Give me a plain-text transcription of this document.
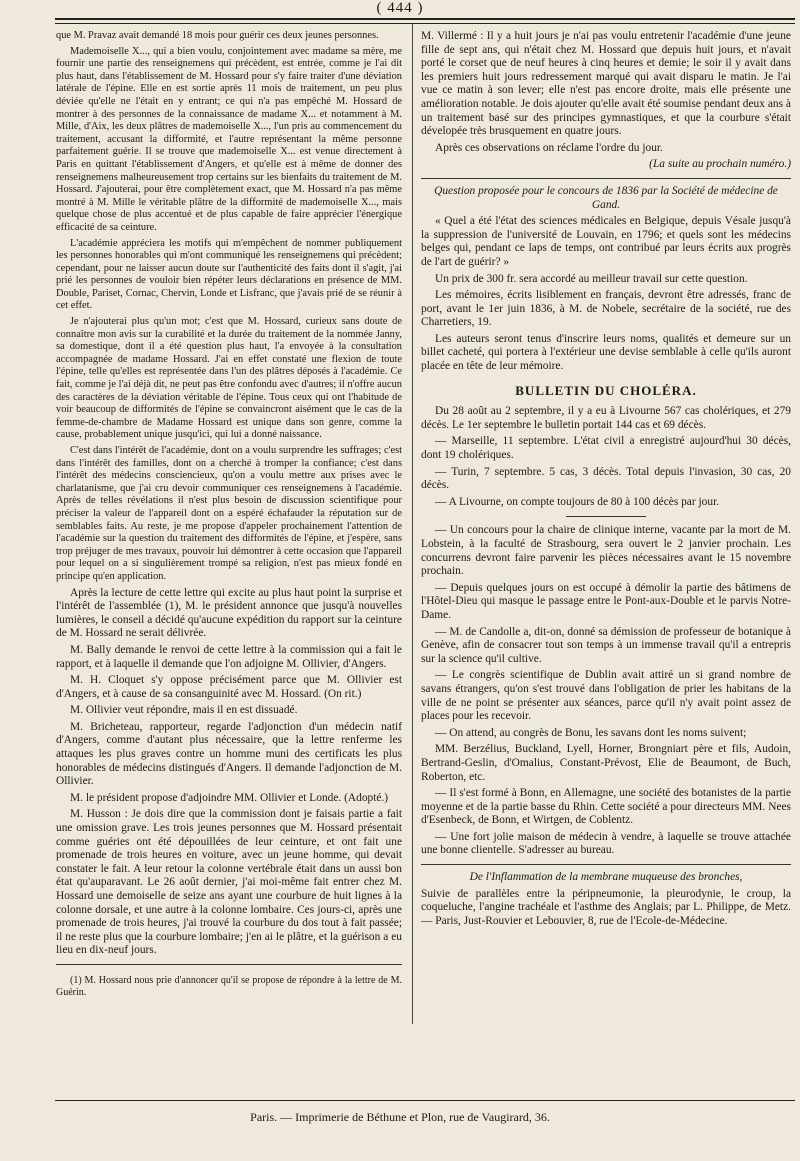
( 444 )

que M. Pravaz avait demandé 18 mois pour guérir ces deux jeunes personnes.

Mademoiselle X..., qui a bien voulu, conjointement avec madame sa mère, me fournir une partie des renseignemens qui précèdent, est entrée, comme je l'ai dit plus haut, dans l'établissement de M. Hossard pour s'y faire traiter d'une déviation latérale de l'épine. Elle en est sortie après 11 mois de traitement, un peu plus déviée qu'elle ne l'était en y entrant; ce qui n'a pas empêché M. Hossard de montrer à des personnes de la connaissance de madame X... et notamment à M. Mille, d'Aix, les deux plâtres de mademoiselle X..., l'un pris au commencement du traitement, accusant la difformité, et l'autre représentant la même personne parfaitement guérie. Il se trouve que mademoiselle X... est venue directement à Paris en quittant l'établissement d'Angers, et qu'elle est à même de donner des renseignemens malheureusement trop certains sur les bienfaits du traitement de M. Hossard. J'ajouterai, pour être complètement exact, que M. Hossard n'a pas même montré à M. Mille le véritable plâtre de la difformité de mademoiselle X..., mais quelque chose de plus accentué et de plus capable de faire apprécier l'énergique efficacité de sa ceinture.

L'académie appréciera les motifs qui m'empêchent de nommer publiquement les personnes honorables qui m'ont communiqué les renseignemens qui précèdent; cependant, pour ne laisser aucun doute sur l'authenticité des faits dont il s'agit, j'ai prié les personnes de vouloir bien répéter leurs déclarations en présence de MM. Double, Pariset, Cornac, Chervin, Londe et Lisfranc, que j'avais prié de se réunir à cet effet.

Je n'ajouterai plus qu'un mot; c'est que M. Hossard, curieux sans doute de connaître mon avis sur la curabilité et la durée du traitement de la nommée Janny, sa domestique, dont il a été question plus haut, l'a envoyée à la consultation accompagnée de madame Hossard. J'ai en effet constaté une flexion de toute l'épine, telle qu'elles est représentée dans l'un des plâtres déposés à l'académie. Ce fait, comme je l'ai déjà dit, ne peut pas être confondu avec d'autres; il n'offre aucun des caractères de la déviation véritable de l'épine. Tous ceux qui ont l'habitude de voir beaucoup de difformités de l'épine se convaincront aisément que le cas de la femme-de-chambre de Madame Hossard est unique dans son genre, comme la cause, probablement unique jusqu'ici, qui lui a donné naissance.

C'est dans l'intérêt de l'académie, dont on a voulu surprendre les suffrages; c'est dans l'intérêt des familles, dont on a cherché à tromper la confiance; c'est dans l'intérêt des médecins consciencieux, qu'on a voulu mettre aux prises avec le charlatanisme, que j'ai cru devoir communiquer ces renseignemens à l'académie. Après de telles révélations il n'est plus besoin de discussion scientifique pour préciser la valeur de l'appareil dont on a espéré échafauder la réputation sur de semblables faits. Au reste, je me propose d'appeler prochainement l'attention de l'académie sur la question du traitement des difformités de l'épine, et j'espère, sans trop préjuger de mes travaux, pouvoir lui démontrer à cette occasion que l'appareil pour lequel on a si singulièrement trompé sa religion, n'est pas mieux fondé en principe qu'en application.

Après la lecture de cette lettre qui excite au plus haut point la surprise et l'intérêt de l'assemblée (1), M. le président annonce que jusqu'à nouvelles lumières, le conseil a décidé qu'aucune expédition du rapport sur la ceinture de M. Hossard ne serait délivrée.

M. Bally demande le renvoi de cette lettre à la commission qui a fait le rapport, et à laquelle il demande que l'on adjoigne M. Ollivier, d'Angers.

M. H. Cloquet s'y oppose précisément parce que M. Ollivier est d'Angers, et à cause de sa consanguinité avec M. Hossard. (On rit.)

M. Ollivier veut répondre, mais il en est dissuadé.

M. Bricheteau, rapporteur, regarde l'adjonction d'un médecin natif d'Angers, comme d'autant plus nécessaire, que la lettre renferme les attaques les plus graves contre un homme muni des certificats les plus honorables de médecins distingués d'Angers. Il demande l'adjonction de M. Ollivier.

M. le président propose d'adjoindre MM. Ollivier et Londe. (Adopté.)

M. Husson : Je dois dire que la commission dont je faisais partie a fait une omission grave. Les trois jeunes personnes que M. Hossard présentait comme guéries ont été dépouillées de leur ceinture, et ont fait une promenade de trois heures en voiture, avec un jeune homme, qui devait constater le fait. A leur retour la colonne vertébrale était dans un aussi bon état qu'auparavant. Le 26 août dernier, j'ai moi-même fait entrer chez M. Hossard une demoiselle de seize ans ayant une courbure de huit lignes à la colonne dorsale, et une autre à la colonne lombaire. Ces jours-ci, après une promenade de trois heures, j'ai trouvé la courbure du dos tout à fait passée; il ne reste plus que la courbure lombaire; j'en ai le plâtre, et la guérison a eu lieu en dix-neuf jours.

(1) M. Hossard nous prie d'annoncer qu'il se propose de répondre à la lettre de M. Guérin.

M. Villermé : Il y a huit jours je n'ai pas voulu entretenir l'académie d'une jeune fille de sept ans, qui n'était chez M. Hossard que depuis huit jours, et n'avait porté le corset que de neuf heures à cinq heures et demie; le soir il y avait dans les premiers huit jours redressement marqué qui avait disparu le matin. Je l'ai vue ce matin à son lever; elle n'est pas encore droite, mais elle présente une amélioration notable. Je dois ajouter qu'elle avait été soumise pendant deux ans à un traitement basé sur des principes gymnastiques, et que la courbure s'était dévelopée très brusquement en quatre jours.

Après ces observations on réclame l'ordre du jour.

(La suite au prochain numéro.)

Question proposée pour le concours de 1836 par la Société de médecine de Gand.

« Quel a été l'état des sciences médicales en Belgique, depuis Vésale jusqu'à la suppression de l'université de Louvain, en 1796; et quels sont les médecins belges qui, pendant ce laps de temps, ont contribué par leurs écrits aux progrès de l'art de guérir? »

Un prix de 300 fr. sera accordé au meilleur travail sur cette question.

Les mémoires, écrits lisiblement en français, devront être adressés, franc de port, avant le 1er juin 1836, à M. de Nobele, secrétaire de la société, rue des Charretiers, 19.

Les auteurs seront tenus d'inscrire leurs noms, qualités et demeure sur un billet cacheté, qui portera à l'extérieur une devise semblable à celle qu'ils auront placée en tête de leur mémoire.

BULLETIN DU CHOLÉRA.

Du 28 août au 2 septembre, il y a eu à Livourne 567 cas cholériques, et 279 décès. Le 1er septembre le bulletin portait 144 cas et 69 décès.

— Marseille, 11 septembre. L'état civil a enregistré aujourd'hui 30 décès, dont 19 cholériques.

— Turin, 7 septembre. 5 cas, 3 décès. Total depuis l'invasion, 30 cas, 20 décès.

— A Livourne, on compte toujours de 80 à 100 décès par jour.

— Un concours pour la chaire de clinique interne, vacante par la mort de M. Lobstein, à la faculté de Strasbourg, sera ouvert le 2 janvier prochain. Les concurrens devront faire parvenir les pièces nécessaires avant le 15 novembre prochain.

— Depuis quelques jours on est occupé à démolir la partie des bâtimens de l'Hôtel-Dieu qui masque le passage entre le Pont-aux-Double et le parvis Notre-Dame.

— M. de Candolle a, dit-on, donné sa démission de professeur de botanique à Genève, afin de consacrer tout son temps à un immense travail qu'il a entrepris sur la science qu'il cultive.

— Le congrès scientifique de Dublin avait attiré un si grand nombre de savans étrangers, qu'on s'est trouvé dans l'obligation de prier les habitans de la ville de ne point se présenter aux séances, parce qu'il n'y avait point assez de places pour les recevoir.

— On attend, au congrès de Bonu, les savans dont les noms suivent;

MM. Berzélius, Buckland, Lyell, Horner, Brongniart père et fils, Audoin, Bertrand-Geslin, d'Omalius, Constant-Prévost, Elie de Beaumont, de Buch, Roberton, etc.

— Il s'est formé à Bonn, en Allemagne, une société des botanistes de la partie moyenne et de la partie basse du Rhin. Cette société a pour directeurs MM. Nees d'Esenbeck, de Bonn, et Wirtgen, de Coblentz.

— Une fort jolie maison de médecin à vendre, à laquelle se trouve attachée une bonne clientelle. S'adresser au bureau.

De l'Inflammation de la membrane muqueuse des bronches,

Suivie de parallèles entre la péripneumonie, la pleurodynie, le croup, la coqueluche, l'angine trachéale et l'asthme des Anglais; par L. Philippe, de Metz. — Paris, Just-Rouvier et Lebouvier, 8, rue de l'Ecole-de-Médecine.

Paris. — Imprimerie de Béthune et Plon, rue de Vaugirard, 36.
